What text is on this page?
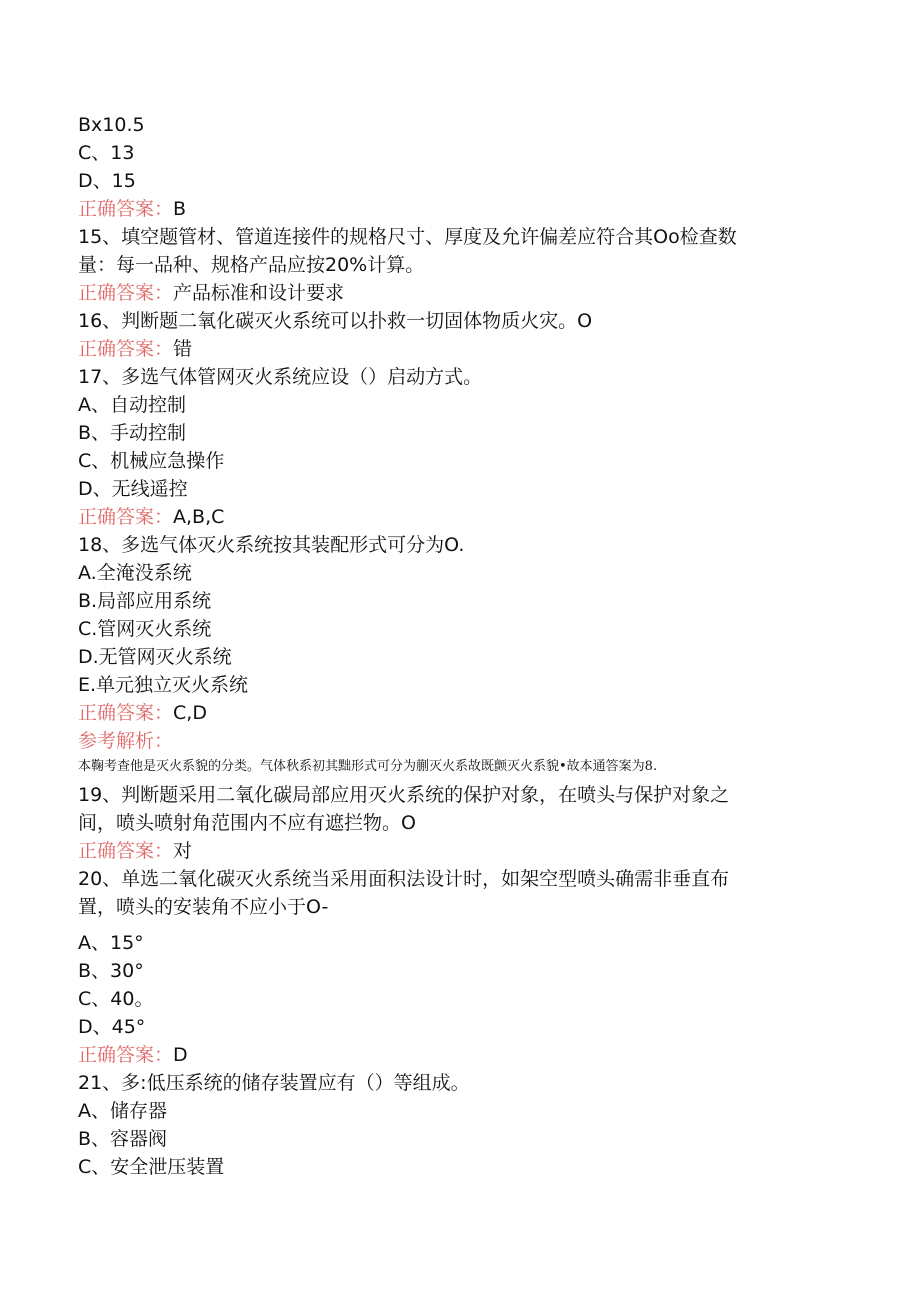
Bx10.5
C、13
D、15
正确答案：B
15、填空题管材、管道连接件的规格尺寸、厚度及允许偏差应符合其Oo检查数
量：每一品种、规格产品应按20%计算。
正确答案：产品标准和设计要求
16、判断题二氧化碳灭火系统可以扑救一切固体物质火灾。O
正确答案：错
17、多选气体管网灭火系统应设（）启动方式。
A、自动控制
B、手动控制
C、机械应急操作
D、无线遥控
正确答案：A,B,C
18、多选气体灭火系统按其装配形式可分为O.
A.全淹没系统
B.局部应用系统
C.管网灭火系统
D.无管网灭火系统
E.单元独立灭火系统
正确答案：C,D
参考解析：
本鞠考查他是灭火系貌的分类。气体秋系初其黜形式可分为蒯灭火系故既颤灭火系貌•故本通答案为8.
19、判断题采用二氧化碳局部应用灭火系统的保护对象，在喷头与保护对象之
间，喷头喷射角范围内不应有遮拦物。O
正确答案：对
20、单选二氧化碳灭火系统当采用面积法设计时，如架空型喷头确需非垂直布
置，喷头的安装角不应小于O-
A、15°
B、30°
C、40。
D、45°
正确答案：D
21、多:低压系统的储存装置应有（）等组成。
A、储存器
B、容器阀
C、安全泄压装置
